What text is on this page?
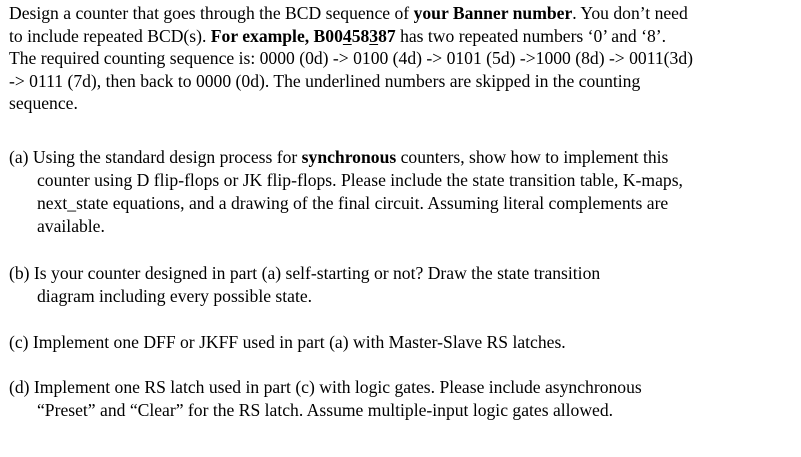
Design a counter that goes through the BCD sequence of your Banner number. You don’t need
to include repeated BCD(s). For example, B00458387 has two repeated numbers ‘0’ and ‘8’.
The required counting sequence is: 0000 (0d) -> 0100 (4d) -> 0101 (5d) ->1000 (8d) -> 0011(3d)
-> 0111 (7d), then back to 0000 (0d). The underlined numbers are skipped in the counting
sequence.
(a) Using the standard design process for synchronous counters, show how to implement this
counter using D flip-flops or JK flip-flops. Please include the state transition table, K-maps,
next_state equations, and a drawing of the final circuit. Assuming literal complements are
available.
(b) Is your counter designed in part (a) self-starting or not? Draw the state transition
diagram including every possible state.
(c) Implement one DFF or JKFF used in part (a) with Master-Slave RS latches.
(d) Implement one RS latch used in part (c) with logic gates. Please include asynchronous
“Preset” and “Clear” for the RS latch. Assume multiple-input logic gates allowed.
